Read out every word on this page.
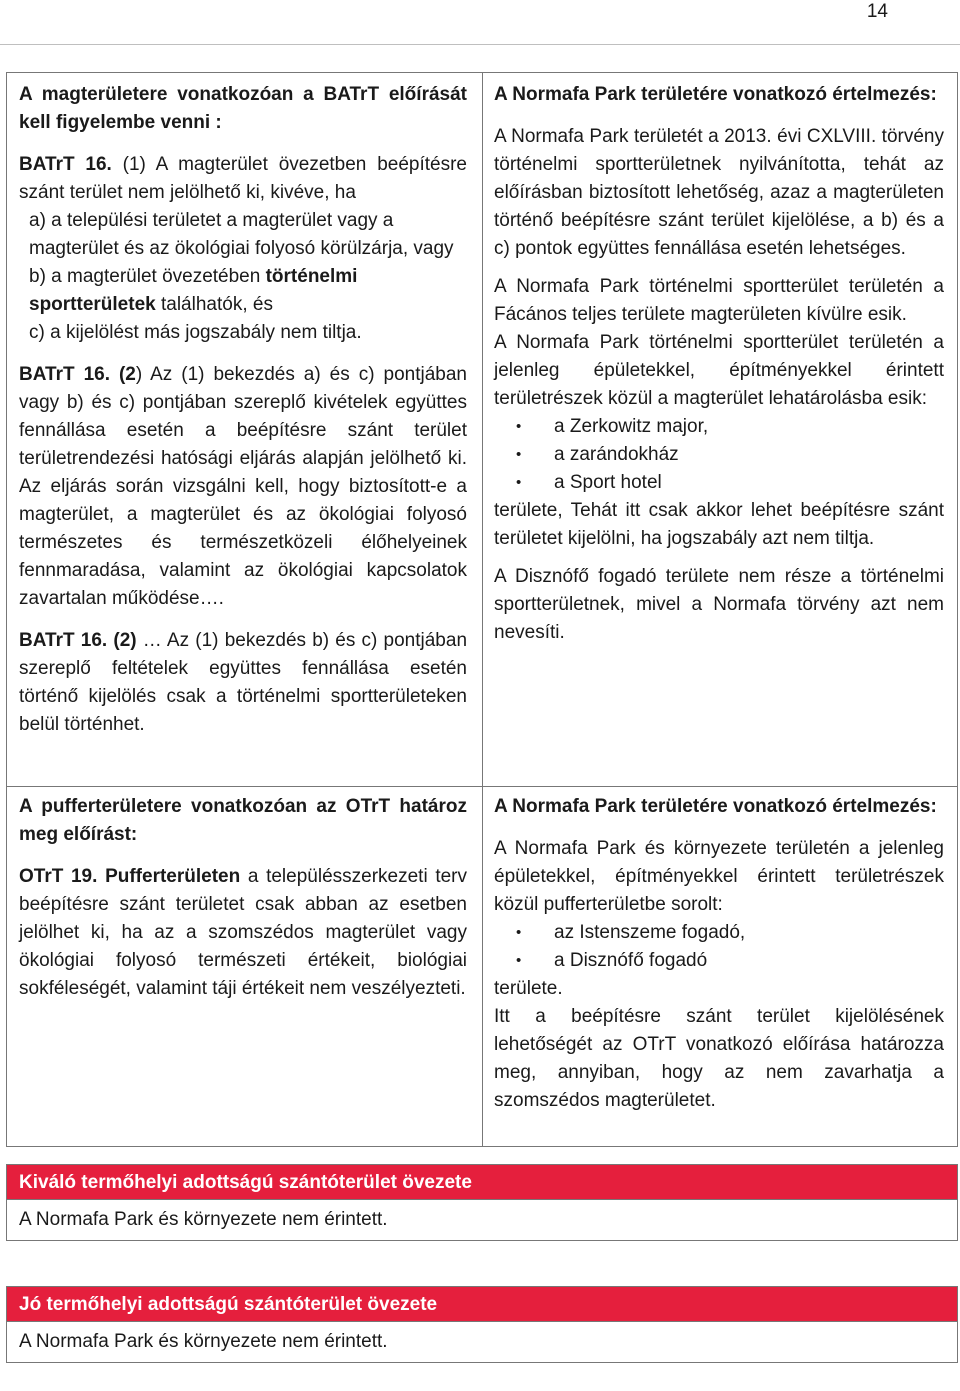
14

A magterületere vonatkozóan a BATrT előírását kell figyelembe venni :

BATrT 16. (1) A magterület övezetben beépítésre szánt terület nem jelölhető ki, kivéve, ha

a) a települési területet a magterület vagy a magterület és az ökológiai folyosó körülzárja, vagy

b) a magterület övezetében történelmi sportterületek találhatók, és

c) a kijelölést más jogszabály nem tiltja.

BATrT 16. (2) Az (1) bekezdés a) és c) pontjában vagy b) és c) pontjában szereplő kivételek együttes fennállása esetén a beépítésre szánt terület területrendezési hatósági eljárás alapján jelölhető ki. Az eljárás során vizsgálni kell, hogy biztosított-e a magterület, a magterület és az ökológiai folyosó természetes és természetközeli élőhelyeinek fennmaradása, valamint az ökológiai kapcsolatok zavartalan működése….

BATrT 16. (2) … Az (1) bekezdés b) és c) pontjában szereplő feltételek együttes fennállása esetén történő kijelölés csak a történelmi sportterületeken belül történhet.

A Normafa Park területére vonatkozó értelmezés:

A Normafa Park területét a 2013. évi CXLVIII. törvény történelmi sportterületnek nyilvánította, tehát az előírásban biztosított lehetőség, azaz a magterületen történő beépítésre szánt terület kijelölése, a b) és a c) pontok együttes fennállása esetén lehetséges.

A Normafa Park történelmi sportterület területén a Fácános teljes területe magterületen kívülre esik.

A Normafa Park történelmi sportterület területén a jelenleg épületekkel, építményekkel érintett területrészek közül a magterület lehatárolásba esik:

• a Zerkowitz major,
• a zarándokház
• a Sport hotel

területe, Tehát itt csak akkor lehet beépítésre szánt területet kijelölni, ha jogszabály azt nem tiltja.

A Disznófő fogadó területe nem része a történelmi sportterületnek, mivel a Normafa törvény azt nem nevesíti.

A pufferterületere vonatkozóan az OTrT határoz meg előírást:

OTrT 19. Pufferterületen a településszerkezeti terv beépítésre szánt területet csak abban az esetben jelölhet ki, ha az a szomszédos magterület vagy ökológiai folyosó természeti értékeit, biológiai sokféleségét, valamint táji értékeit nem veszélyezteti.

A Normafa Park területére vonatkozó értelmezés:

A Normafa Park és környezete területén a jelenleg épületekkel, építményekkel érintett területrészek közül pufferterületbe sorolt:

• az Istenszeme fogadó,
• a Disznófő fogadó

területe.

Itt a beépítésre szánt terület kijelölésének lehetőségét az OTrT vonatkozó előírása határozza meg, annyiban, hogy az nem zavarhatja a szomszédos magterületet.

Kiváló termőhelyi adottságú szántóterület övezete
A Normafa Park és környezete nem érintett.
Jó termőhelyi adottságú szántóterület övezete
A Normafa Park és környezete nem érintett.
